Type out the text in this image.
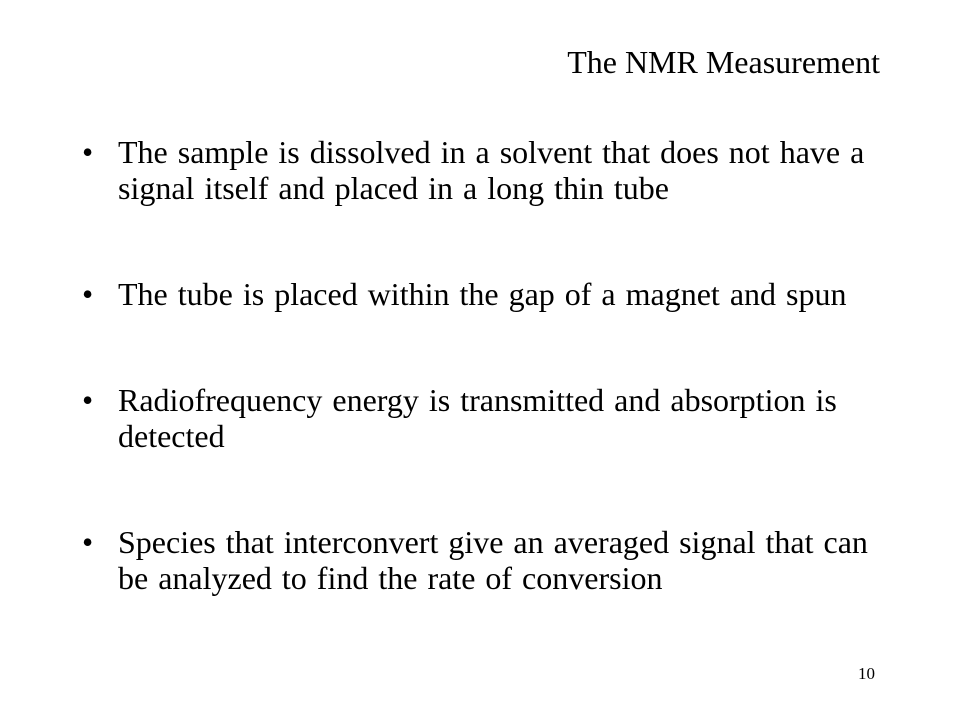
The NMR Measurement
• The sample is dissolved in a solvent that does not have a signal itself and placed in a long thin tube
• The tube is placed within the gap of a magnet and spun
• Radiofrequency energy is transmitted and absorption is detected
• Species that interconvert give an averaged signal that can be analyzed to find the rate of conversion
10
